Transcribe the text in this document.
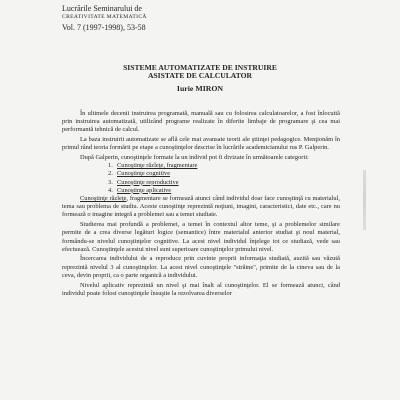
Lucrările Seminarului de
CREATIVITATE MATEMATICĂ
Vol. 7 (1997-1998), 53-58
SISTEME AUTOMATIZATE DE INSTRUIRE
ASISTATE DE CALCULATOR
Iurie MIRON

În ultimele decenii instruirea programată, manuală sau cu folosirea calculatoarelor, a fost înlocuită prin instruirea automatizată, utilizând programe realizate în diferite limbaje de programare şi cea mai performantă tehnică de calcul.

La baza instruirii automatizate se află cele mai avansate teorii ale ştiinţei pedagogice. Menţionăm în primul rând teoria formării pe etape a cunoştinţelor descrise în lucrările academicianului rus P. Galperin.

După Galperin, cunoştinţele formate la un individ pot fi divizate în următoarele categorii:

1. Cunoştinţe răzleţe, fragmentare
2. Cunoştinţe cognitive
3. Cunoştinţe reproductive
4. Cunoştinţe aplicative

Cunoştinţe răzleţe, fragmentare se formează atunci când individul doar face cunoştinţă cu materialul, tema sau problema de studiu. Aceste cunoştinţe reprezintă noţiuni, imagini, caracteristici, date etc., care nu formează o imagine integră a problemei sau a temei studiate.

Studierea mai profundă a problemei, a temei în contextul altor teme, şi a problemelor similare permite de a crea diverse legături logice (semantice) între materialul anterior studiat şi noul material, formându-se nivelul cunoştinţelor cognitive. La acest nivel individul înţelege tot ce studiază, vede sau efectuează. Cunoştinţele acestui nivel sunt superioare cunoştinţelor primului nivel.

Încercarea individului de a reproduce prin cuvinte proprii informaţia studiată, auzită sau văzută reprezintă nivelul 3 al cunoştinţelor. La acest nivel cunoştinţele "străine", primite de la cineva sau de la ceva, devin proprii, ca o parte organică a individului.

Nivelul aplicativ reprezintă un nivel şi mai înalt al cunoştinţelor. El se formează atunci, când individul poate folosi cunoştinţele însuşite la rezolvarea diverselor
